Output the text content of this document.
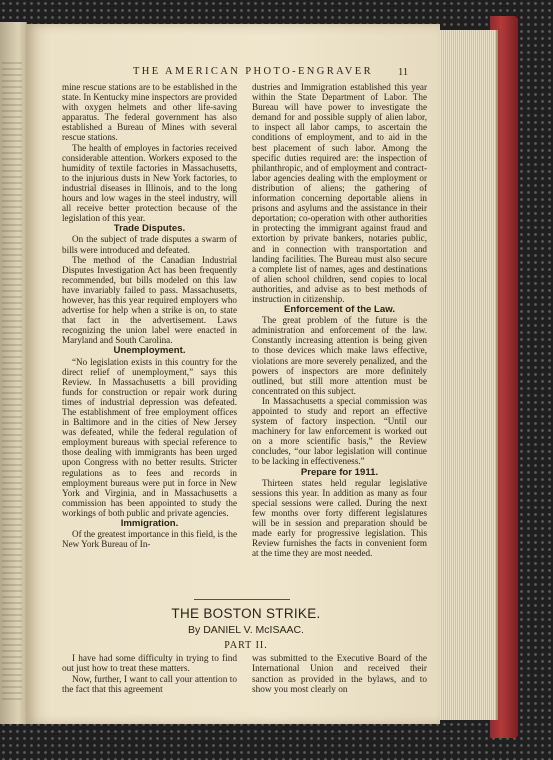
THE AMERICAN PHOTO-ENGRAVER	11

mine rescue stations are to be established in the state. In Kentucky mine inspectors are provided with oxygen helmets and other life-saving apparatus. The federal government has also established a Bureau of Mines with several rescue stations.

The health of employes in factories received considerable attention. Workers exposed to the humidity of textile factories in Massachusetts, to the injurious dusts in New York factories, to industrial diseases in Illinois, and to the long hours and low wages in the steel industry, will all receive better protection because of the legislation of this year.

Trade Disputes.

On the subject of trade disputes a swarm of bills were introduced and defeated.

The method of the Canadian Industrial Disputes Investigation Act has been frequently recommended, but bills modeled on this law have invariably failed to pass. Massachusetts, however, has this year required employers who advertise for help when a strike is on, to state that fact in the advertisement. Laws recognizing the union label were enacted in Maryland and South Carolina.

Unemployment.

“No legislation exists in this country for the direct relief of unemployment,” says this Review. In Massachusetts a bill providing funds for construction or repair work during times of industrial depression was defeated. The establishment of free employment offices in Baltimore and in the cities of New Jersey was defeated, while the federal regulation of employment bureaus with special reference to those dealing with immigrants has been urged upon Congress with no better results. Stricter regulations as to fees and records in employment bureaus were put in force in New York and Virginia, and in Massachusetts a commission has been appointed to study the workings of both public and private agencies.

Immigration.

Of the greatest importance in this field, is the New York Bureau of In-

dustries and Immigration established this year within the State Department of Labor. The Bureau will have power to investigate the demand for and possible supply of alien labor, to inspect all labor camps, to ascertain the conditions of employment, and to aid in the best placement of such labor. Among the specific duties required are: the inspection of philanthropic, and of employment and contract-labor agencies dealing with the employment or distribution of aliens; the gathering of information concerning deportable aliens in prisons and asylums and the assistance in their deportation; co-operation with other authorities in protecting the immigrant against fraud and extortion by private bankers, notaries public, and in connection with transportation and landing facilities. The Bureau must also secure a complete list of names, ages and destinations of alien school children, send copies to local authorities, and advise as to best methods of instruction in citizenship.

Enforcement of the Law.

The great problem of the future is the administration and enforcement of the law. Constantly increasing attention is being given to those devices which make laws effective, violations are more severely penalized, and the powers of inspectors are more definitely outlined, but still more attention must be concentrated on this subject.

In Massachusetts a special commission was appointed to study and report an effective system of factory inspection. “Until our machinery for law enforcement is worked out on a more scientific basis,” the Review concludes, “our labor legislation will continue to be lacking in effectiveness.”

Prepare for 1911.

Thirteen states held regular legislative sessions this year. In addition as many as four special sessions were called. During the next few months over forty different legislatures will be in session and preparation should be made early for progressive legislation. This Review furnishes the facts in convenient form at the time they are most needed.

THE BOSTON STRIKE.
By DANIEL V. McISAAC.
PART II.

I have had some difficulty in trying to find out just how to treat these matters.

Now, further, I want to call your attention to the fact that this agreement

was submitted to the Executive Board of the International Union and received their sanction as provided in the bylaws, and to show you most clearly on
